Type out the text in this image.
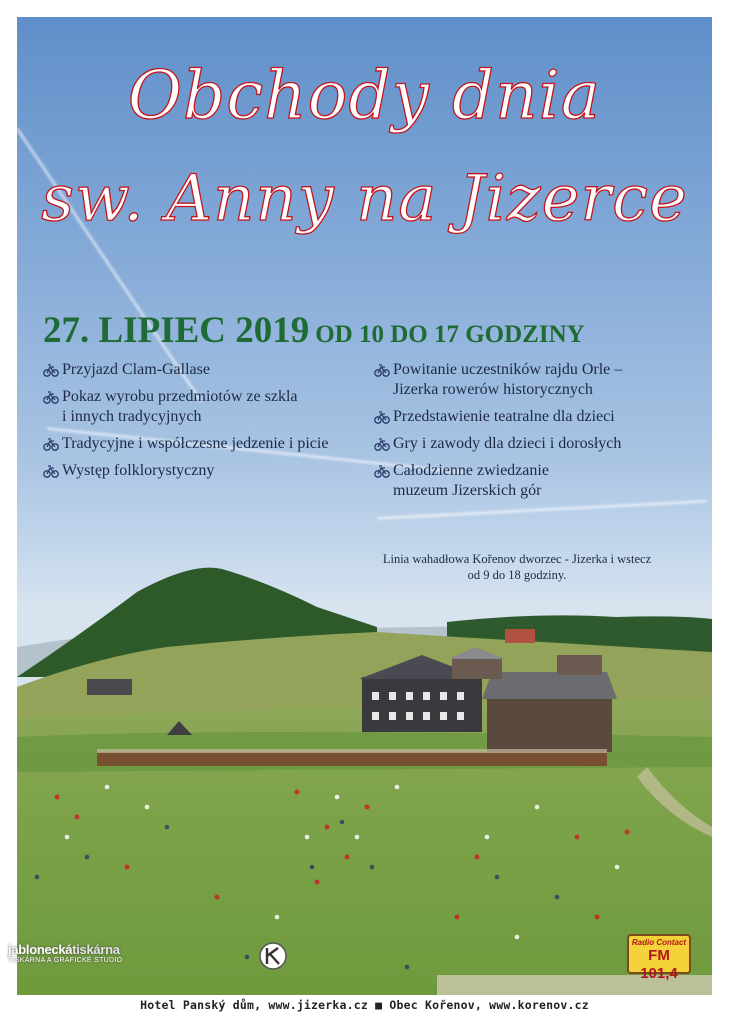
Obchody dnia
sw. Anny na Jizerce
27. LIPIEC 2019 OD 10 DO 17 GODZINY
Przyjazd Clam-Gallase
Pokaz wyrobu przedmiotów ze szkla
i innych tradycyjnych
Tradycyjne i współczesne jedzenie i picie
Występ folklorystyczny
Powitanie uczestników rajdu Orle –
Jizerka rowerów historycznych
Przedstawienie teatralne dla dzieci
Gry i zawody dla dzieci i dorosłych
Całodzienne zwiedzanie
muzeum Jizerskich gór
Linia wahadłowa Kořenov dworzec - Jizerka i wstecz
od 9 do 18 godziny.
jabloneckátiskárna
TISKÁRNA A GRAFICKÉ STUDIO
Radio Contact
FM 101,4
Hotel Panský dům, www.jizerka.cz ■ Obec Kořenov, www.korenov.cz
